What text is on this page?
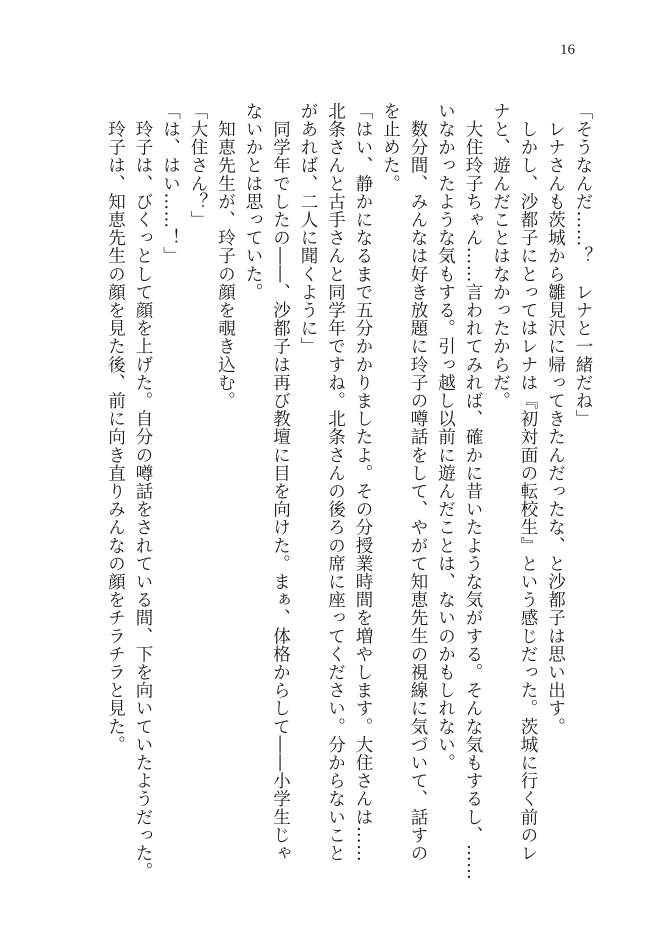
16
「そうなんだ……？　レナと一緒だね」
　レナさんも茨城から雛見沢に帰ってきたんだったな、と沙都子は思い出す。
　しかし、沙都子にとってはレナは『初対面の転校生』という感じだった。茨城に行く前のレ
ナと、遊んだことはなかったからだ。
　大住玲子ちゃん……言われてみれば、確かに昔いたような気がする。そんな気もするし、……
いなかったような気もする。引っ越し以前に遊んだことは、ないのかもしれない。
　数分間、みんなは好き放題に玲子の噂話をして、やがて知恵先生の視線に気づいて、話すの
を止めた。
「はい、静かになるまで五分かかりましたよ。その分授業時間を増やします。大住さんは……
北条さんと古手さんと同学年ですね。北条さんの後ろの席に座ってください。分からないこと
があれば、二人に聞くように」
　同学年でしたの――、沙都子は再び教壇に目を向けた。まぁ、体格からして――小学生じゃ
ないかとは思っていた。
　知恵先生が、玲子の顔を覗き込む。
「大住さん？」
「は、はい……！」
　玲子は、びくっとして顔を上げた。自分の噂話をされている間、下を向いていたようだった。
　玲子は、知恵先生の顔を見た後、前に向き直りみんなの顔をチラチラと見た。
